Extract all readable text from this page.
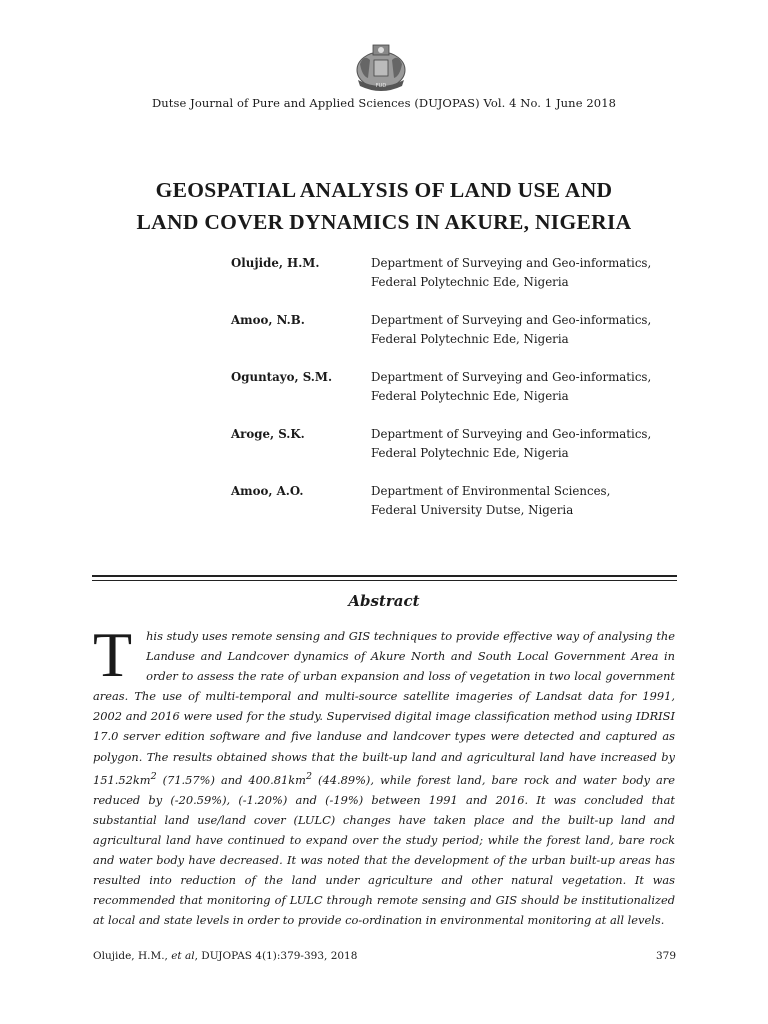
FUD
Dutse Journal of Pure and Applied Sciences (DUJOPAS) Vol. 4 No. 1 June 2018
GEOSPATIAL ANALYSIS OF LAND USE AND
LAND COVER DYNAMICS IN AKURE, NIGERIA
Olujide, H.M.	Department of Surveying and Geo-informatics,
Federal Polytechnic Ede, Nigeria
Amoo, N.B.	Department of Surveying and Geo-informatics,
Federal Polytechnic Ede, Nigeria
Oguntayo, S.M.	Department of Surveying and Geo-informatics,
Federal Polytechnic Ede, Nigeria
Aroge, S.K.	Department of Surveying and Geo-informatics,
Federal Polytechnic Ede, Nigeria
Amoo, A.O.	Department of Environmental Sciences,
Federal University Dutse, Nigeria
Abstract
T his study uses remote sensing and GIS techniques to provide effective way of analysing the Landuse and Landcover dynamics of Akure North and South Local Government Area in order to assess the rate of urban expansion and loss of vegetation in two local government areas. The use of multi-temporal and multi-source satellite imageries of Landsat data for 1991, 2002 and 2016 were used for the study. Supervised digital image classification method using IDRISI 17.0 server edition software and five landuse and landcover types were detected and captured as polygon. The results obtained shows that the built-up land and agricultural land have increased by $151.52km^2$ (71.57%) and $400.81km^2$ (44.89%), while forest land, bare rock and water body are reduced by (-20.59%), (-1.20%) and (-19%) between 1991 and 2016. It was concluded that substantial land use/land cover (LULC) changes have taken place and the built-up land and agricultural land have continued to expand over the study period; while the forest land, bare rock and water body have decreased. It was noted that the development of the urban built-up areas has resulted into reduction of the land under agriculture and other natural vegetation. It was recommended that monitoring of LULC through remote sensing and GIS should be institutionalized at local and state levels in order to provide co-ordination in environmental monitoring at all levels.
Olujide, H.M., et al, DUJOPAS 4(1):379-393, 2018	379
